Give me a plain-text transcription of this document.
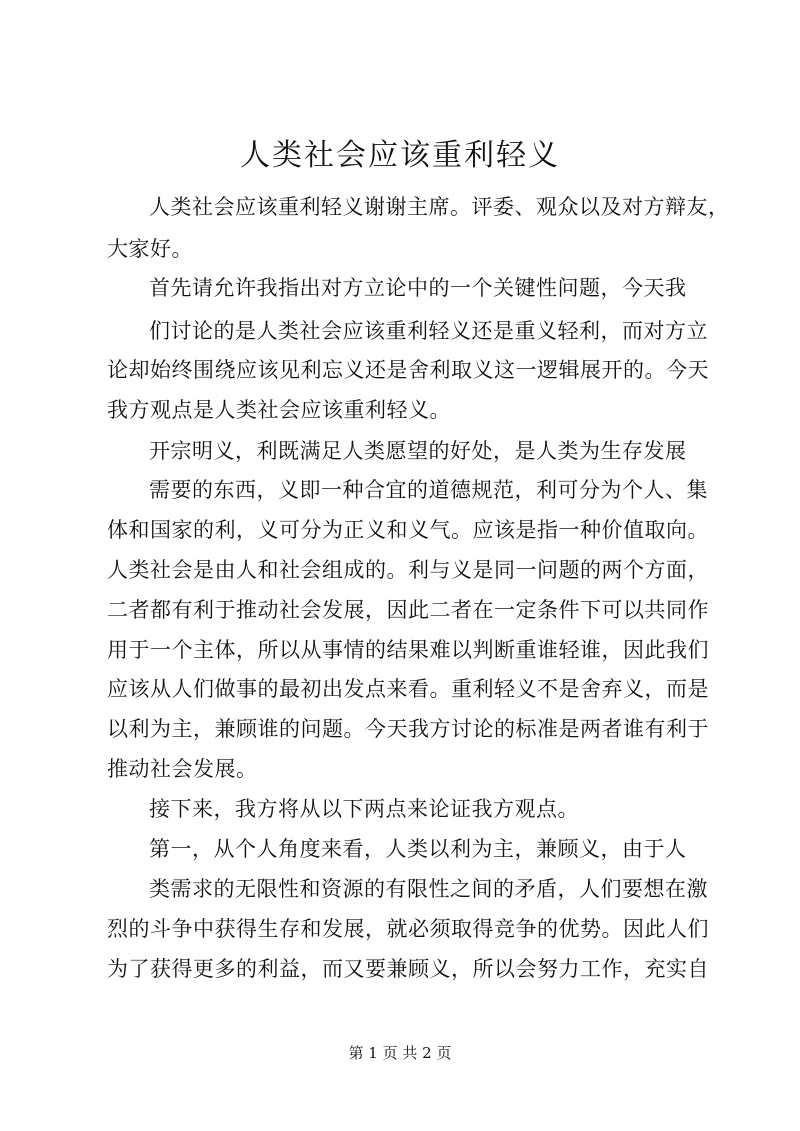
人类社会应该重利轻义
人类社会应该重利轻义谢谢主席。评委、观众以及对方辩友，
大家好。
首先请允许我指出对方立论中的一个关键性问题，今天我
们讨论的是人类社会应该重利轻义还是重义轻利，而对方立
论却始终围绕应该见利忘义还是舍利取义这一逻辑展开的。今天
我方观点是人类社会应该重利轻义。
开宗明义，利既满足人类愿望的好处，是人类为生存发展
需要的东西，义即一种合宜的道德规范，利可分为个人、集
体和国家的利，义可分为正义和义气。应该是指一种价值取向。
人类社会是由人和社会组成的。利与义是同一问题的两个方面，
二者都有利于推动社会发展，因此二者在一定条件下可以共同作
用于一个主体，所以从事情的结果难以判断重谁轻谁，因此我们
应该从人们做事的最初出发点来看。重利轻义不是舍弃义，而是
以利为主，兼顾谁的问题。今天我方讨论的标准是两者谁有利于
推动社会发展。
接下来，我方将从以下两点来论证我方观点。
第一，从个人角度来看，人类以利为主，兼顾义，由于人
类需求的无限性和资源的有限性之间的矛盾，人们要想在激
烈的斗争中获得生存和发展，就必须取得竞争的优势。因此人们
为了获得更多的利益，而又要兼顾义，所以会努力工作，充实自
第 1 页 共 2 页
